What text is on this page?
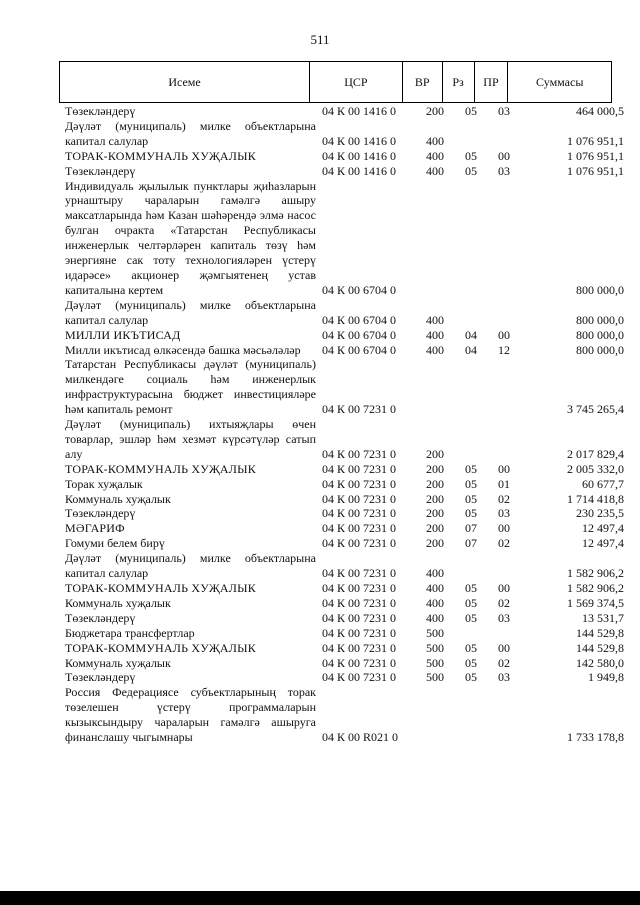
511
Исеме	ЦСР	ВР	Рз	ПР	Суммасы
Төзекләндерү	04 К 00 1416 0	200	05	03	464 000,5
Дәүләт (муниципаль) милке объектларына капитал салулар	04 К 00 1416 0	400			1 076 951,1
ТОРАК-КОММУНАЛЬ ХУҖАЛЫК	04 К 00 1416 0	400	05	00	1 076 951,1
Төзекләндерү	04 К 00 1416 0	400	05	03	1 076 951,1
Индивидуаль җылылык пунктлары җиһазларын урнаштыру чараларын гамәлгә ашыру максатларында һәм Казан шәһәрендә элмә насос булган очракта «Татарстан Республикасы инженерлык челтәрләрен капиталь төзү һәм энергияне сак тоту технологияләрен үстерү идарәсе» акционер җәмгыятенең устав капиталына кертем	04 К 00 6704 0				800 000,0
Дәүләт (муниципаль) милке объектларына капитал салулар	04 К 00 6704 0	400			800 000,0
МИЛЛИ ИКЪТИСАД	04 К 00 6704 0	400	04	00	800 000,0
Милли икътисад өлкәсендә башка мәсьәләләр	04 К 00 6704 0	400	04	12	800 000,0
Татарстан Республикасы дәүләт (муниципаль) милкендәге социаль һәм инженерлык инфраструктурасына бюджет инвестицияләре һәм капиталь ремонт	04 К 00 7231 0				3 745 265,4
Дәүләт (муниципаль) ихтыяҗлары өчен товарлар, эшләр һәм хезмәт күрсәтүләр сатып алу	04 К 00 7231 0	200			2 017 829,4
ТОРАК-КОММУНАЛЬ ХУҖАЛЫК	04 К 00 7231 0	200	05	00	2 005 332,0
Торак хуҗалык	04 К 00 7231 0	200	05	01	60 677,7
Коммуналь хуҗалык	04 К 00 7231 0	200	05	02	1 714 418,8
Төзекләндерү	04 К 00 7231 0	200	05	03	230 235,5
МӘГАРИФ	04 К 00 7231 0	200	07	00	12 497,4
Гомуми белем бирү	04 К 00 7231 0	200	07	02	12 497,4
Дәүләт (муниципаль) милке объектларына капитал салулар	04 К 00 7231 0	400			1 582 906,2
ТОРАК-КОММУНАЛЬ ХУҖАЛЫК	04 К 00 7231 0	400	05	00	1 582 906,2
Коммуналь хуҗалык	04 К 00 7231 0	400	05	02	1 569 374,5
Төзекләндерү	04 К 00 7231 0	400	05	03	13 531,7
Бюджетара трансфертлар	04 К 00 7231 0	500			144 529,8
ТОРАК-КОММУНАЛЬ ХУҖАЛЫК	04 К 00 7231 0	500	05	00	144 529,8
Коммуналь хуҗалык	04 К 00 7231 0	500	05	02	142 580,0
Төзекләндерү	04 К 00 7231 0	500	05	03	1 949,8
Россия Федерациясе субъектларының торак төзелешен үстерү программаларын кызыксындыру чараларын гамәлгә ашыруга финанслашу чыгымнары	04 К 00 R021 0				1 733 178,8
